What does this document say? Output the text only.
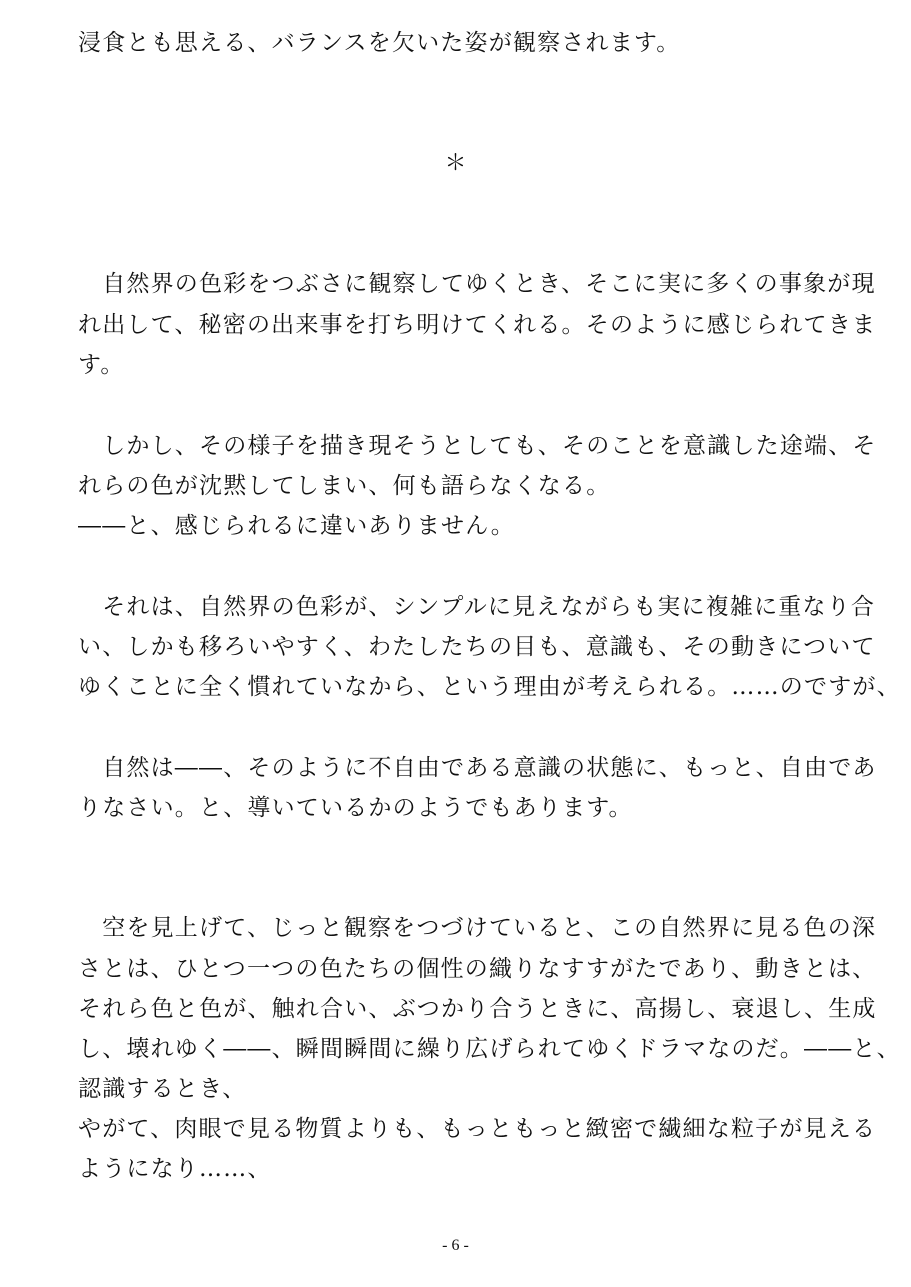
浸食とも思える、バランスを欠いた姿が観察されます。
＊
　自然界の色彩をつぶさに観察してゆくとき、そこに実に多くの事象が現
れ出して、秘密の出来事を打ち明けてくれる。そのように感じられてきま
す。
　しかし、その様子を描き現そうとしても、そのことを意識した途端、そ
れらの色が沈黙してしまい、何も語らなくなる。
――と、感じられるに違いありません。
　それは、自然界の色彩が、シンプルに見えながらも実に複雑に重なり合
い、しかも移ろいやすく、わたしたちの目も、意識も、その動きについて
ゆくことに全く慣れていなから、という理由が考えられる。……のですが、
　自然は――、そのように不自由である意識の状態に、もっと、自由であ
りなさい。と、導いているかのようでもあります。
　空を見上げて、じっと観察をつづけていると、この自然界に見る色の深
さとは、ひとつ一つの色たちの個性の織りなすすがたであり、動きとは、
それら色と色が、触れ合い、ぶつかり合うときに、高揚し、衰退し、生成
し、壊れゆく――、瞬間瞬間に繰り広げられてゆくドラマなのだ。――と、
認識するとき、
やがて、肉眼で見る物質よりも、もっともっと緻密で繊細な粒子が見える
ようになり……、
- 6 -
